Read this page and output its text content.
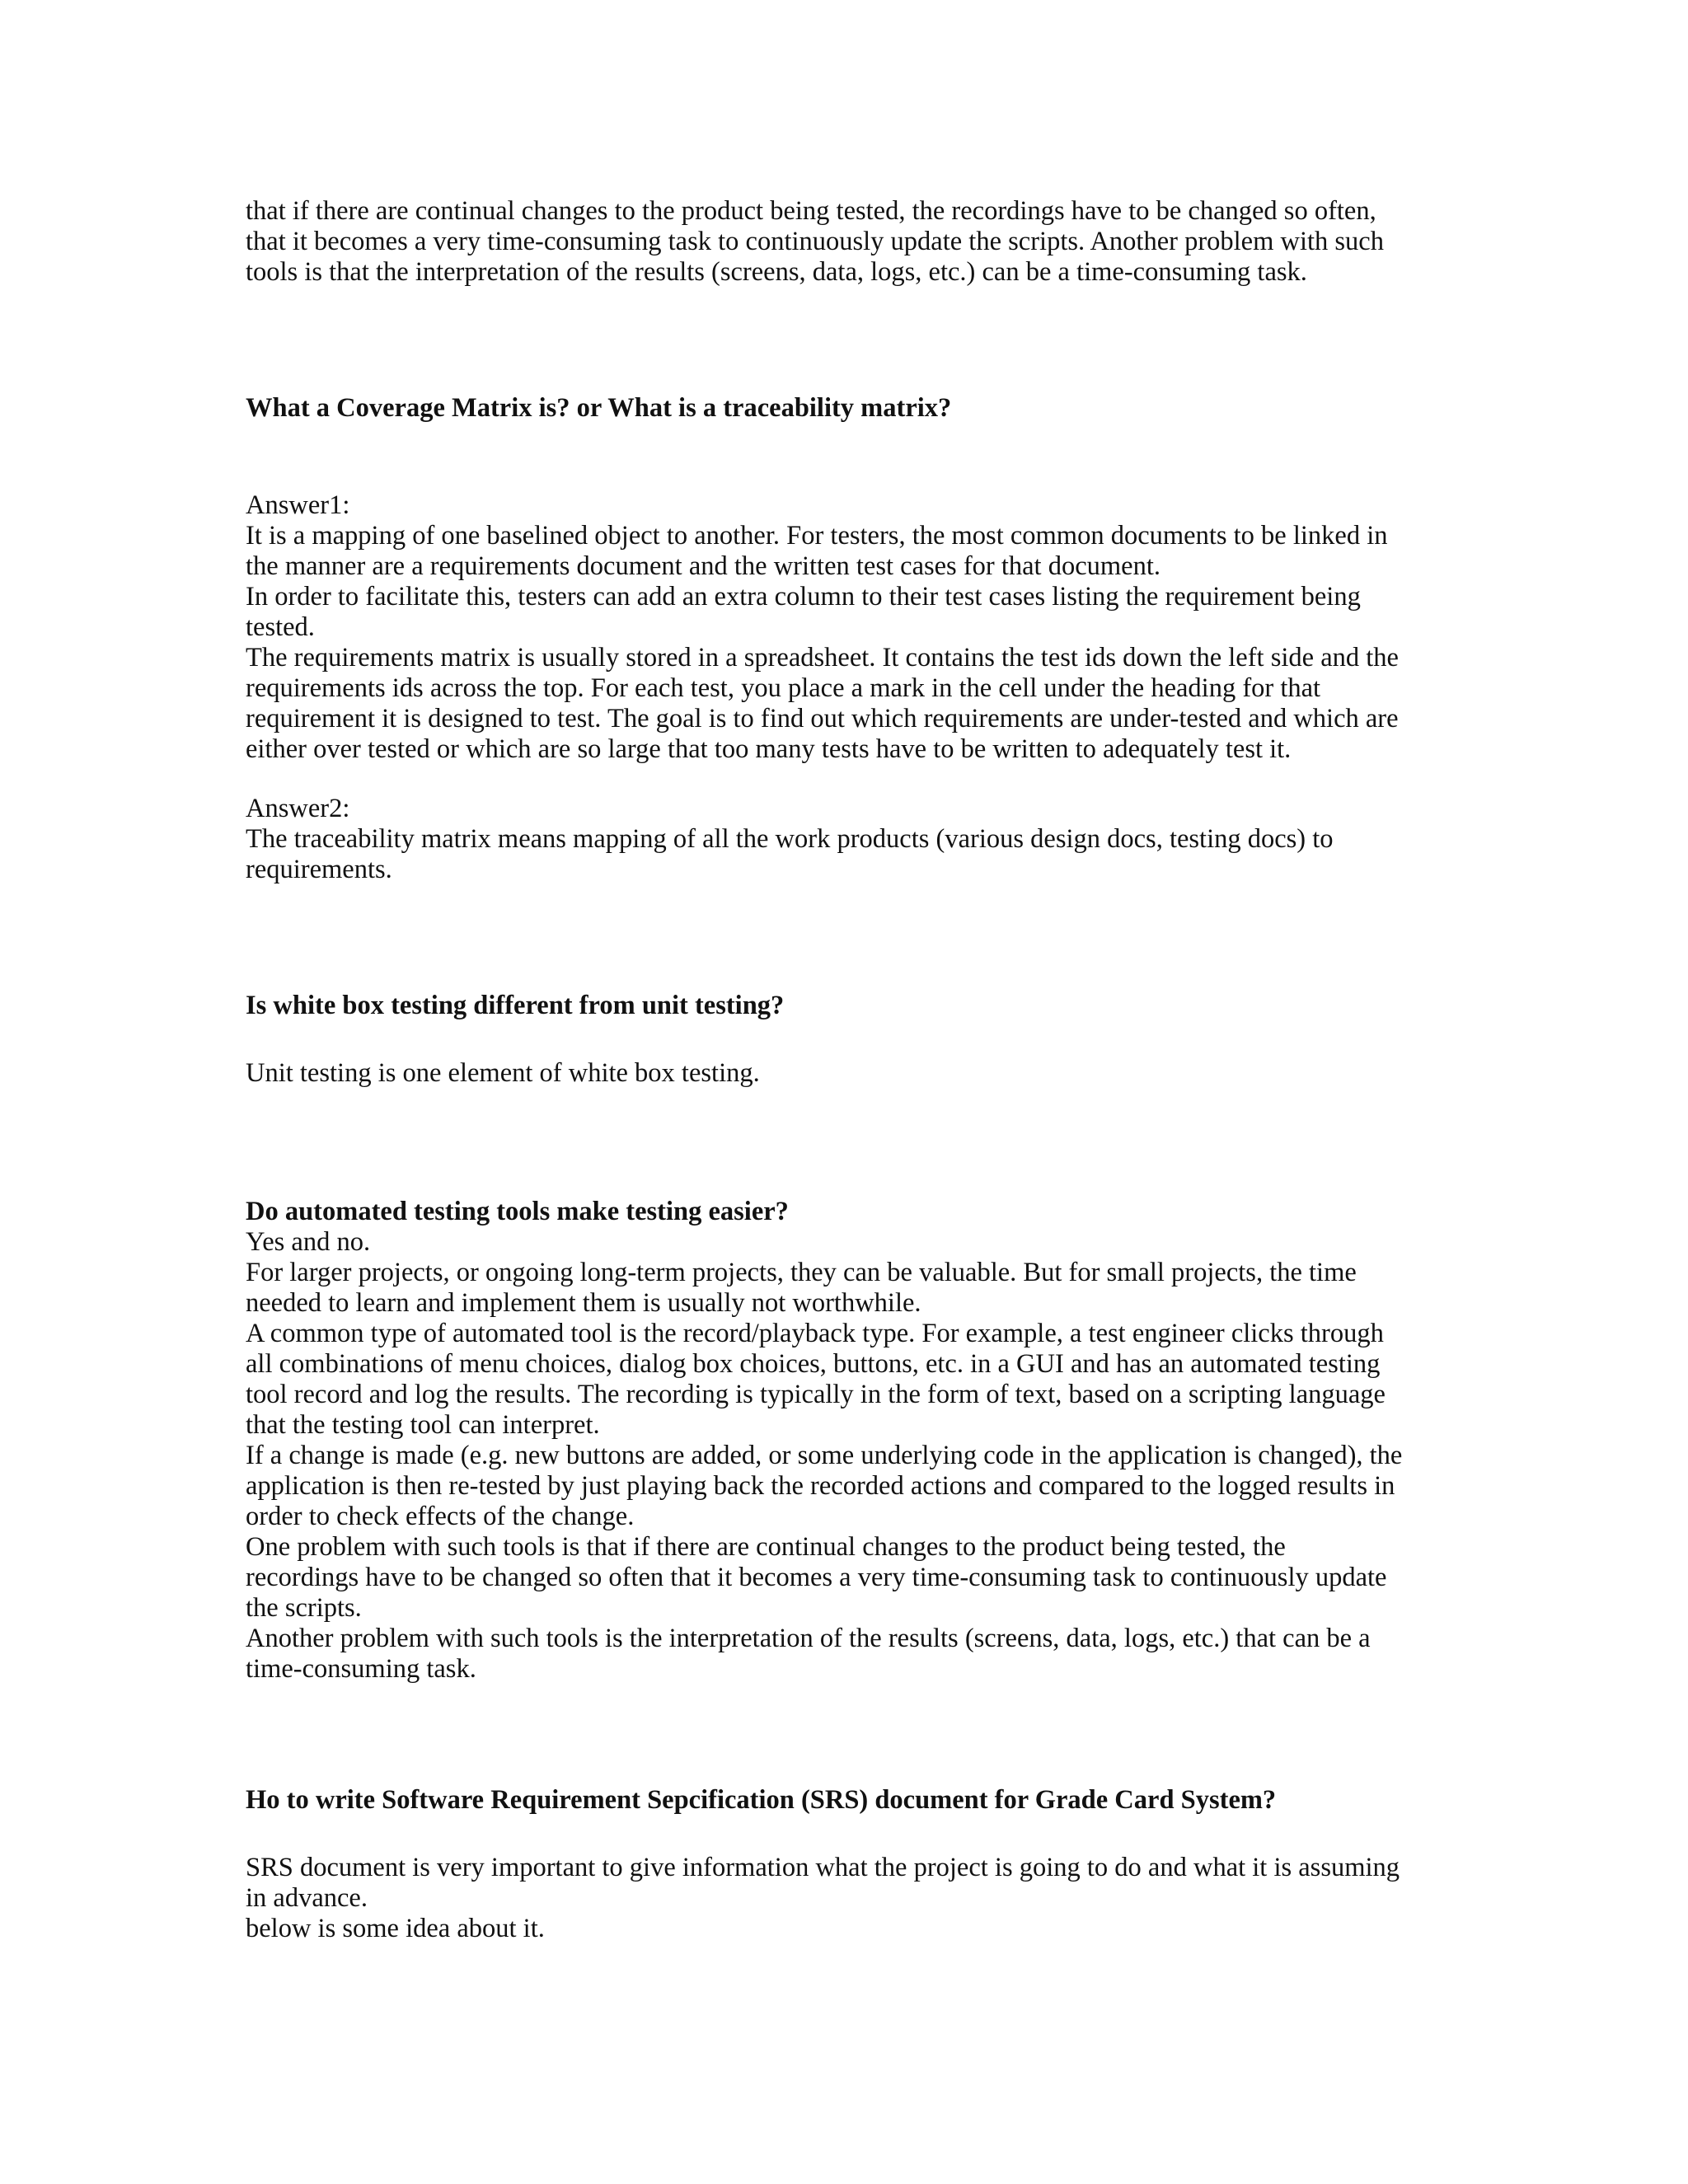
that if there are continual changes to the product being tested, the recordings have to be changed so often,
that it becomes a very time-consuming task to continuously update the scripts. Another problem with such
tools is that the interpretation of the results (screens, data, logs, etc.) can be a time-consuming task.
What a Coverage Matrix is? or What is a traceability matrix?
Answer1:
It is a mapping of one baselined object to another. For testers, the most common documents to be linked in
the manner are a requirements document and the written test cases for that document.
In order to facilitate this, testers can add an extra column to their test cases listing the requirement being
tested.
The requirements matrix is usually stored in a spreadsheet. It contains the test ids down the left side and the
requirements ids across the top. For each test, you place a mark in the cell under the heading for that
requirement it is designed to test. The goal is to find out which requirements are under-tested and which are
either over tested or which are so large that too many tests have to be written to adequately test it.
Answer2:
The traceability matrix means mapping of all the work products (various design docs, testing docs) to
requirements.
Is white box testing different from unit testing?
Unit testing is one element of white box testing.
Do automated testing tools make testing easier?
Yes and no.
For larger projects, or ongoing long-term projects, they can be valuable. But for small projects, the time
needed to learn and implement them is usually not worthwhile.
A common type of automated tool is the record/playback type. For example, a test engineer clicks through
all combinations of menu choices, dialog box choices, buttons, etc. in a GUI and has an automated testing
tool record and log the results. The recording is typically in the form of text, based on a scripting language
that the testing tool can interpret.
If a change is made (e.g. new buttons are added, or some underlying code in the application is changed), the
application is then re-tested by just playing back the recorded actions and compared to the logged results in
order to check effects of the change.
One problem with such tools is that if there are continual changes to the product being tested, the
recordings have to be changed so often that it becomes a very time-consuming task to continuously update
the scripts.
Another problem with such tools is the interpretation of the results (screens, data, logs, etc.) that can be a
time-consuming task.
Ho to write Software Requirement Sepcification (SRS) document for Grade Card System?
SRS document is very important to give information what the project is going to do and what it is assuming
in advance.
below is some idea about it.
